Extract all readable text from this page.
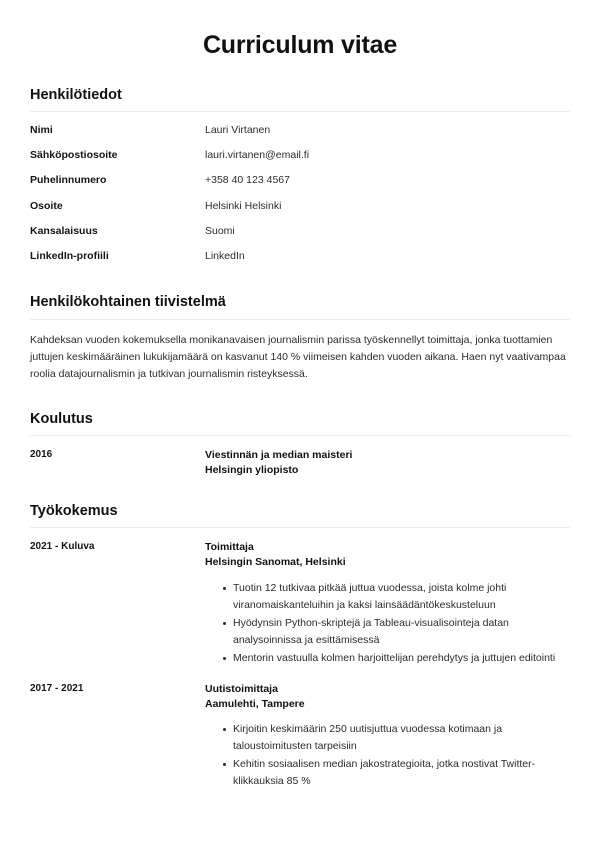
Curriculum vitae
Henkilötiedot
Nimi	Lauri Virtanen
Sähköpostiosoite	lauri.virtanen@email.fi
Puhelinnumero	+358 40 123 4567
Osoite	Helsinki Helsinki
Kansalaisuus	Suomi
LinkedIn-profiili	LinkedIn
Henkilökohtainen tiivistelmä

Kahdeksan vuoden kokemuksella monikanavaisen journalismin parissa työskennellyt toimittaja, jonka tuottamien juttujen keskimääräinen lukukijamäärä on kasvanut 140 % viimeisen kahden vuoden aikana. Haen nyt vaativampaa roolia datajournalismin ja tutkivan journalismin risteyksessä.

Koulutus
2016	Viestinnän ja median maisteri
Helsingin yliopisto
Työkokemus
2021 - Kuluva	Toimittaja
Helsingin Sanomat, Helsinki
Tuotin 12 tutkivaa pitkää juttua vuodessa, joista kolme johti viranomaiskanteluihin ja kaksi lainsäädäntökeskusteluun
Hyödynsin Python-skriptejä ja Tableau-visualisointeja datan analysoinnissa ja esittämisessä
Mentorin vastuulla kolmen harjoittelijan perehdytys ja juttujen editointi
2017 - 2021	Uutistoimittaja
Aamulehti, Tampere
Kirjoitin keskimäärin 250 uutisjuttua vuodessa kotimaan ja taloustoimitusten tarpeisiin
Kehitin sosiaalisen median jakostrategioita, jotka nostivat Twitter-klikkauksia 85 %
